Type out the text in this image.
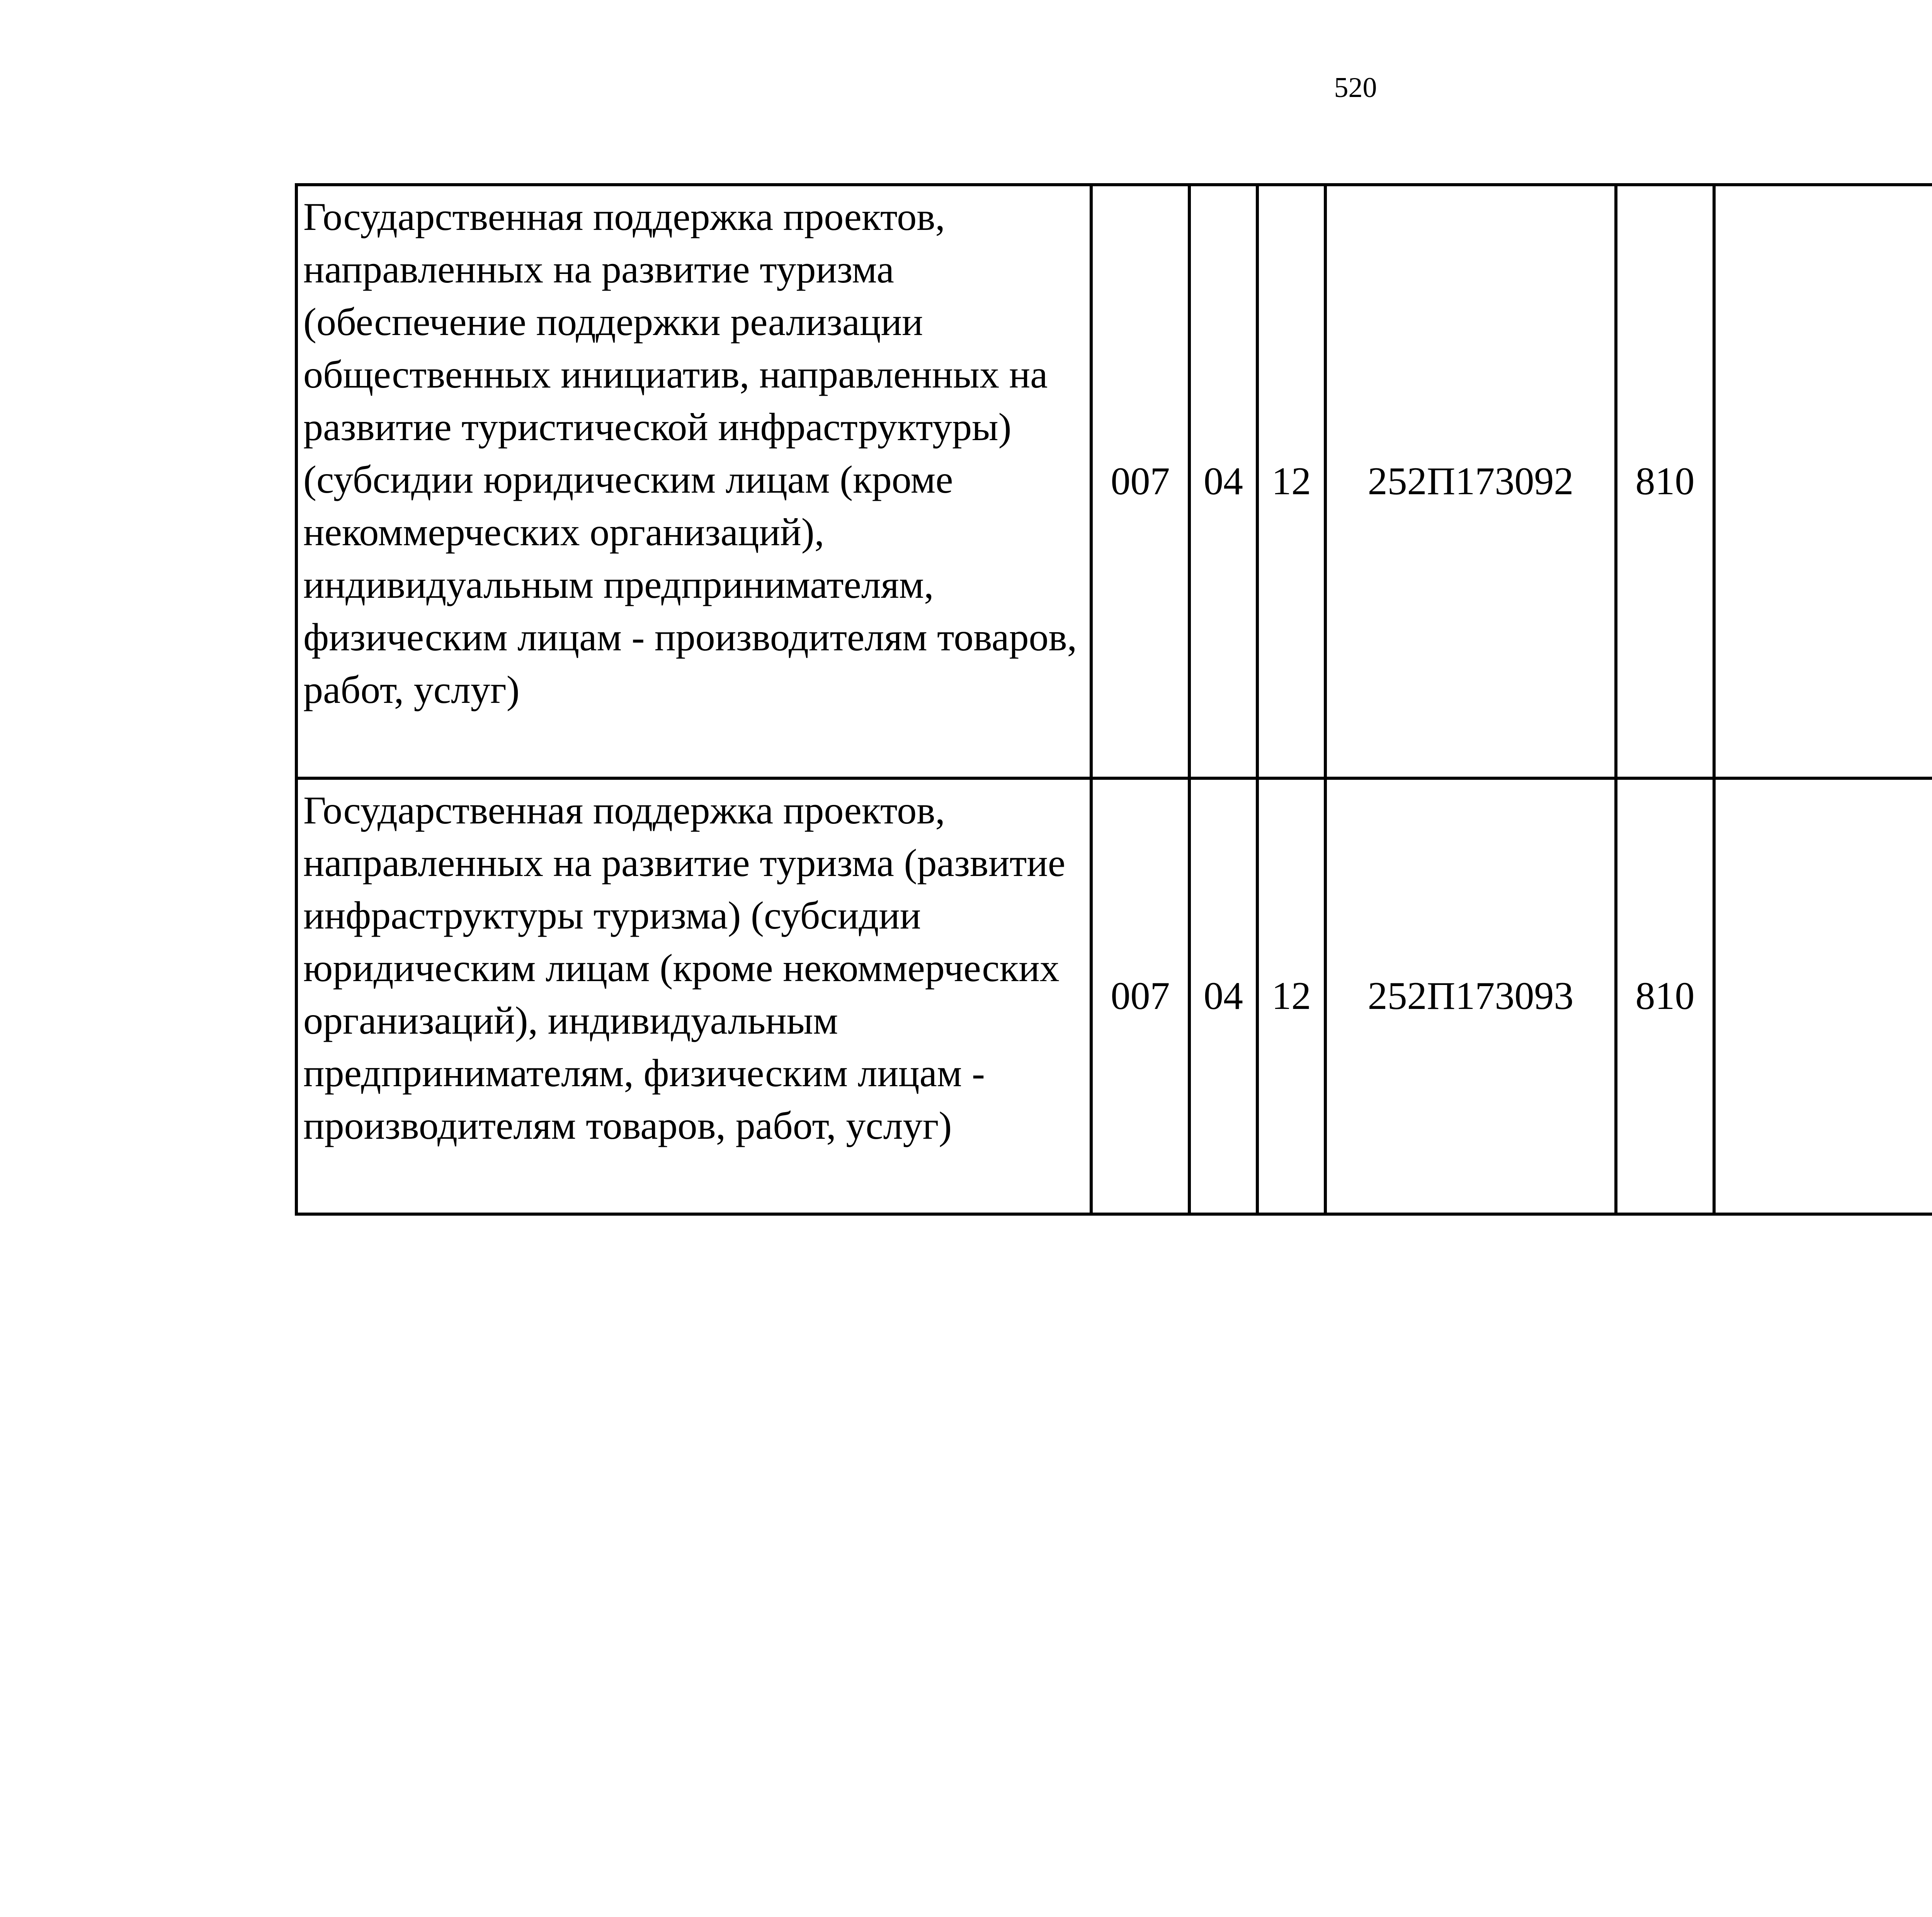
520
Государственная поддержка проектов, направленных на развитие туризма (обеспечение поддержки реализации общественных инициатив, направленных на развитие туристической инфраструктуры) (субсидии юридическим лицам (кроме некоммерческих организаций), индивидуальным предпринимателям, физическим лицам - производителям товаров, работ, услуг)	007	04	12	252П173092	810			
Государственная поддержка проектов, направленных на развитие туризма (развитие инфраструктуры туризма) (субсидии юридическим лицам (кроме некоммерческих организаций), индивидуальным предпринимателям, физическим лицам - производителям товаров, работ, услуг)	007	04	12	252П173093	810			
